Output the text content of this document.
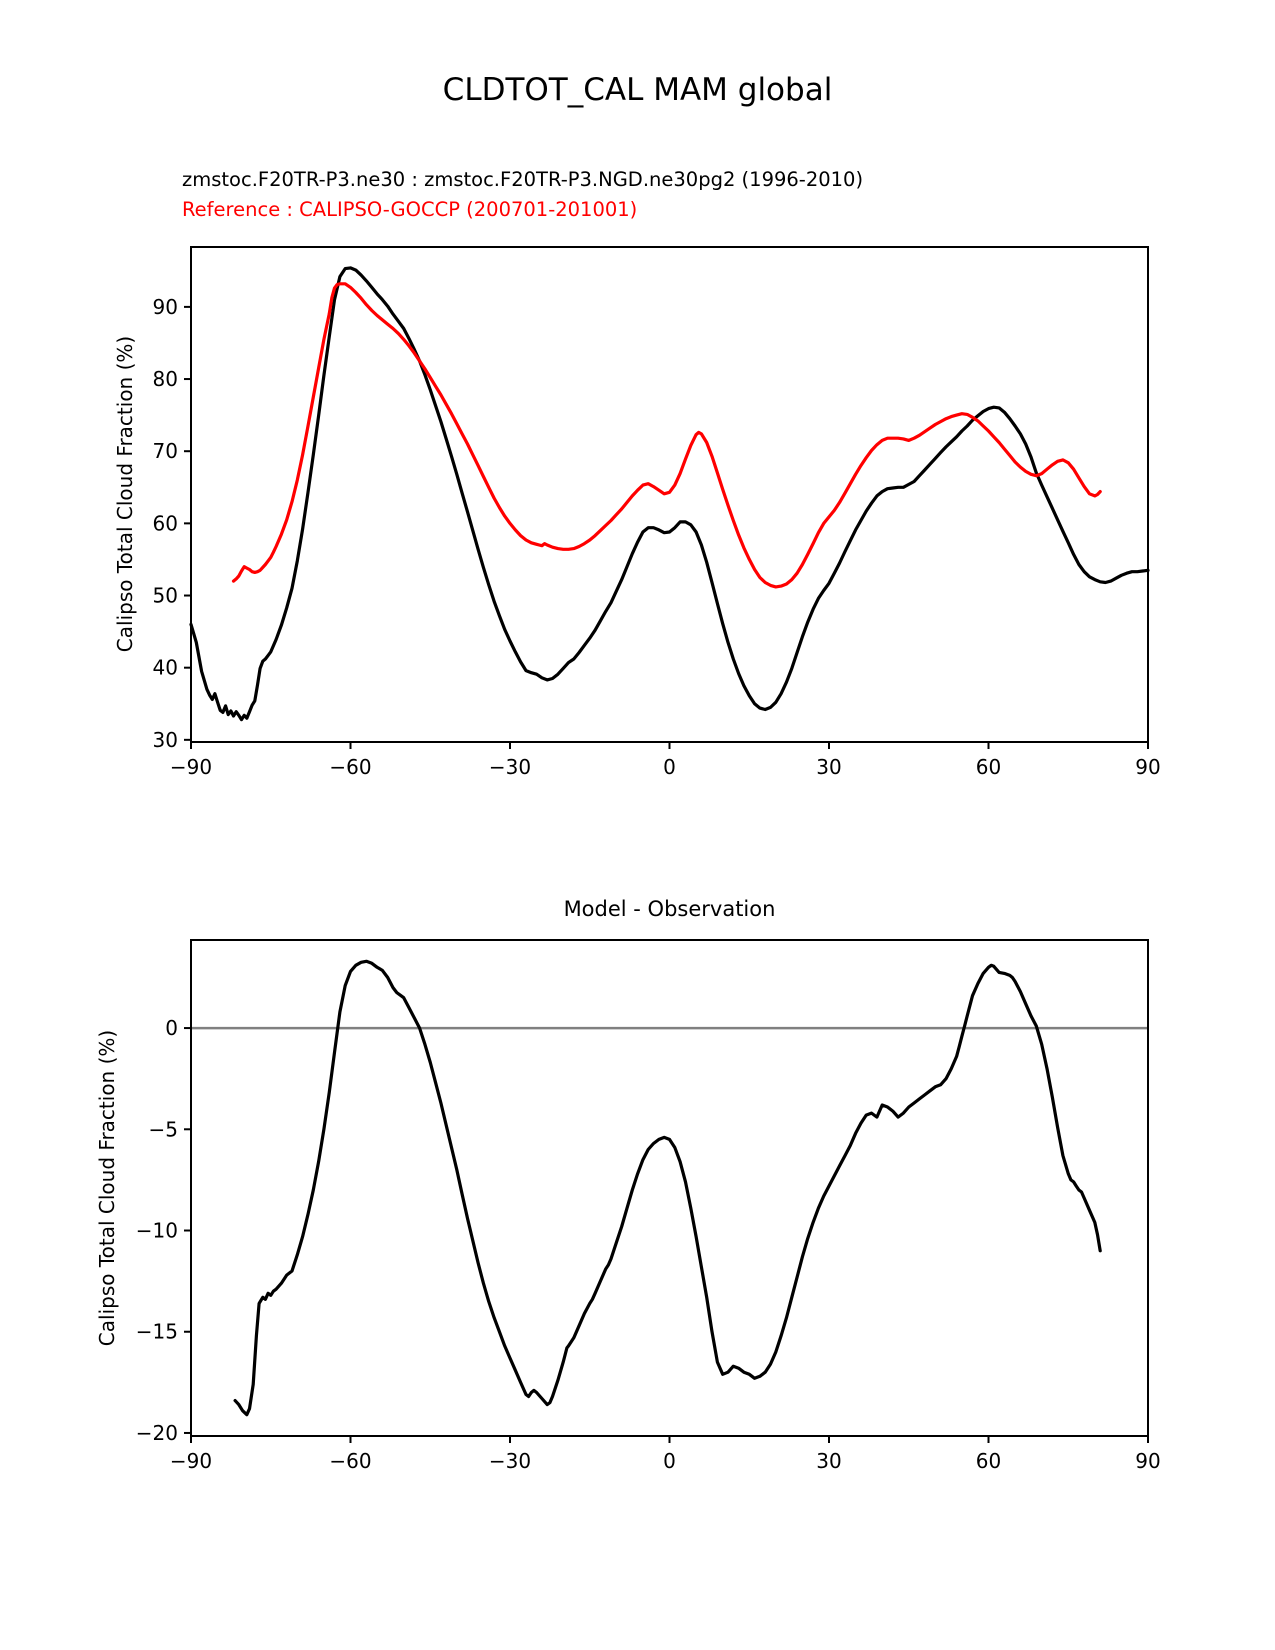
−90	−60	−30	0	30	60	90
30
40
50
60
70
80
90
−90	−60	−30	0	30	60	90
0
−5
−10
−15
−20
CLDTOT_CAL MAM global
zmstoc.F20TR-P3.ne30 : zmstoc.F20TR-P3.NGD.ne30pg2 (1996-2010)
Reference : CALIPSO-GOCCP (200701-201001)
Calipso Total Cloud Fraction (%)
Model - Observation
Calipso Total Cloud Fraction (%)
